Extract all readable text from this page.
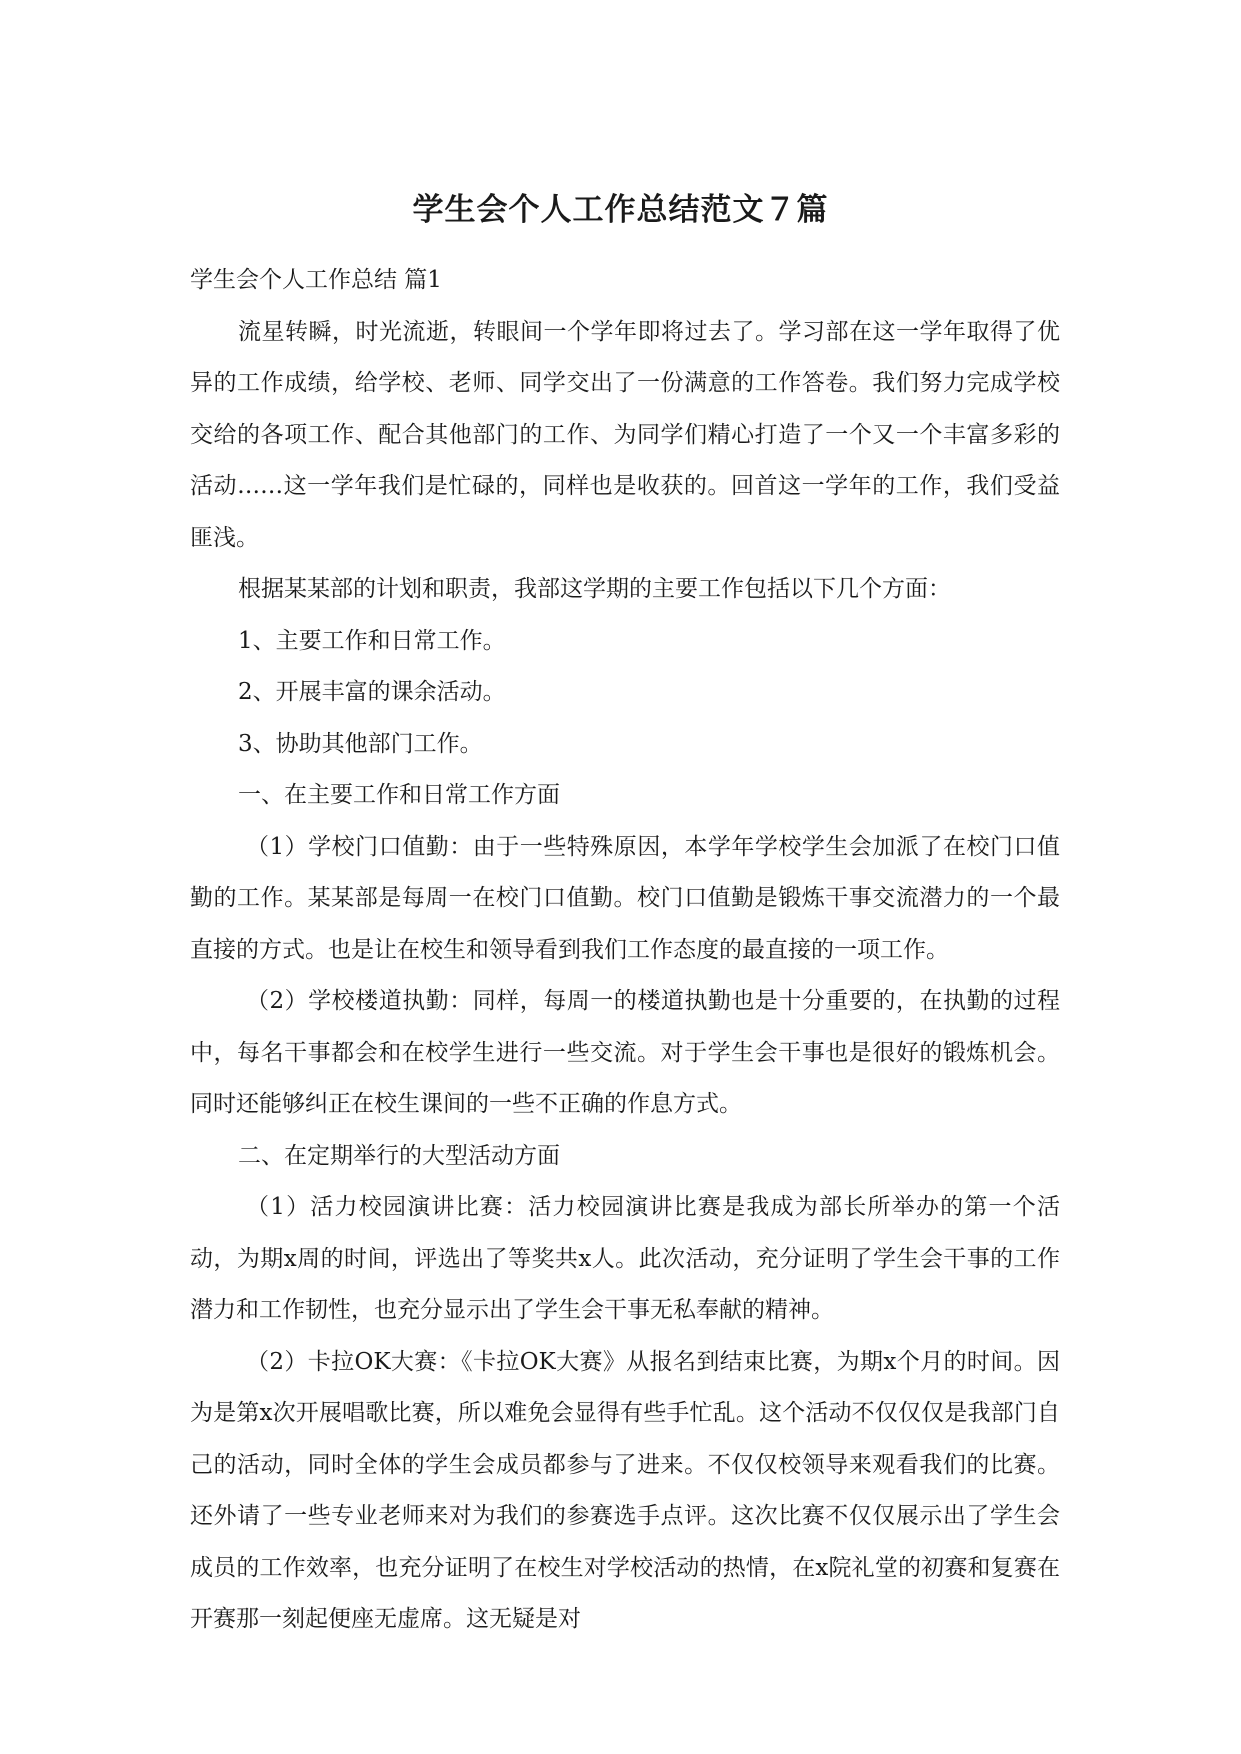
学生会个人工作总结范文７篇

学生会个人工作总结 篇1

流星转瞬，时光流逝，转眼间一个学年即将过去了。学习部在这一学年取得了优异的工作成绩，给学校、老师、同学交出了一份满意的工作答卷。我们努力完成学校交给的各项工作、配合其他部门的工作、为同学们精心打造了一个又一个丰富多彩的活动……这一学年我们是忙碌的，同样也是收获的。回首这一学年的工作，我们受益匪浅。

根据某某部的计划和职责，我部这学期的主要工作包括以下几个方面：

1、主要工作和日常工作。

2、开展丰富的课余活动。

3、协助其他部门工作。

一、在主要工作和日常工作方面

（1）学校门口值勤：由于一些特殊原因，本学年学校学生会加派了在校门口值勤的工作。某某部是每周一在校门口值勤。校门口值勤是锻炼干事交流潜力的一个最直接的方式。也是让在校生和领导看到我们工作态度的最直接的一项工作。

（2）学校楼道执勤：同样，每周一的楼道执勤也是十分重要的，在执勤的过程中，每名干事都会和在校学生进行一些交流。对于学生会干事也是很好的锻炼机会。同时还能够纠正在校生课间的一些不正确的作息方式。

二、在定期举行的大型活动方面

（1）活力校园演讲比赛：活力校园演讲比赛是我成为部长所举办的第一个活动，为期x周的时间，评选出了等奖共x人。此次活动，充分证明了学生会干事的工作潜力和工作韧性，也充分显示出了学生会干事无私奉献的精神。

（2）卡拉OK大赛：《卡拉OK大赛》从报名到结束比赛，为期x个月的时间。因为是第x次开展唱歌比赛，所以难免会显得有些手忙乱。这个活动不仅仅仅是我部门自己的活动，同时全体的学生会成员都参与了进来。不仅仅校领导来观看我们的比赛。还外请了一些专业老师来对为我们的参赛选手点评。这次比赛不仅仅展示出了学生会成员的工作效率，也充分证明了在校生对学校活动的热情，在x院礼堂的初赛和复赛在开赛那一刻起便座无虚席。这无疑是对
